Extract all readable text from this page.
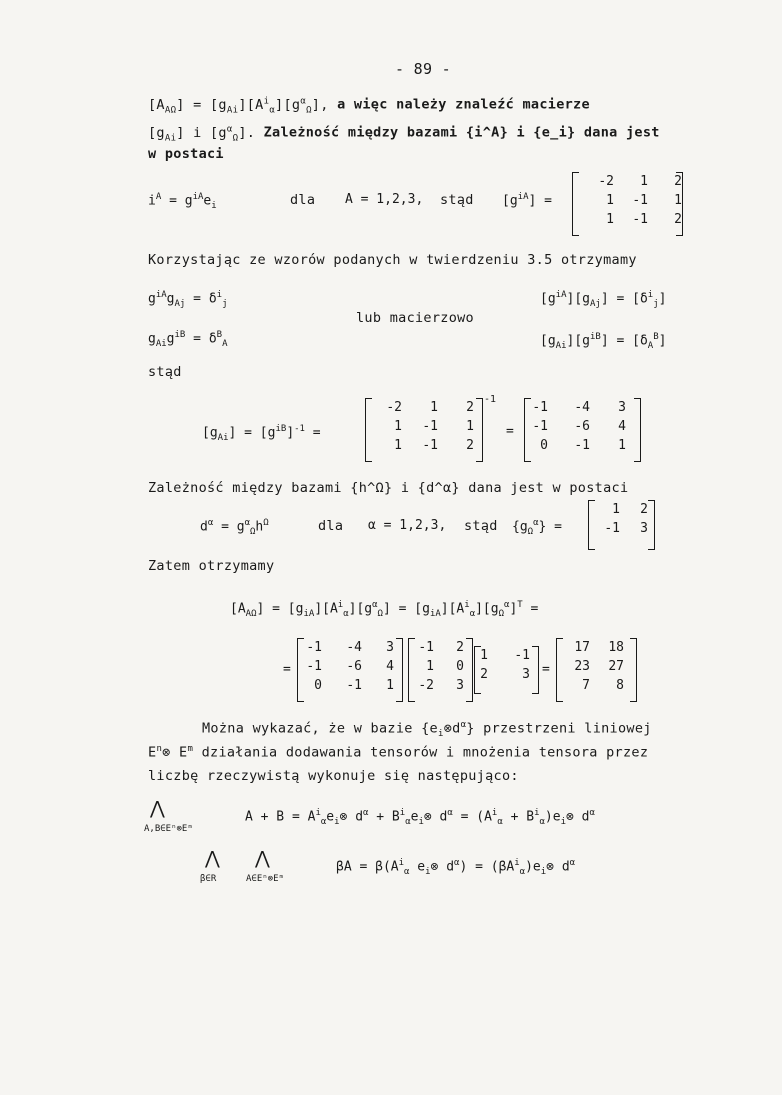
- 89 -
$[A_{A\Omega}] = [g_{Ai}][A^i_\alpha][g^\alpha_\Omega]$, a więc należy znaleźć macierze
$[g_{Ai}]$ i $[g^\alpha_\Omega]$. Zależność między bazami {i^A} i {e_i} dana jest
w postaci
$i^A = g^{iA}e_i$	dla A = 1,2,3, stąd $[g^{iA}]$ =
-2	1	2
1	-1	1
1	-1	2
Korzystając ze wzorów podanych w twierdzeniu 3.5 otrzymamy
$g^{iA}g_{Aj} = \delta^i_j$
$g_{Ai}g^{iB} = \delta^B_A$
lub macierzowo
$[g^{iA}][g_{Aj}] = [\delta^i_j]$
$[g_{Ai}][g^{iB}] = [\delta_A^B]$
stąd
$[g_{Ai}] = [g^{iB}]^{-1}$ =
-2	1	2
1	-1	1
1	-1	2
-1
=
-1	-4	3
-1	-6	4
0	-1	1
Zależność między bazami {h^Ω} i {d^α} dana jest w postaci
$d^\alpha = g^\alpha_\Omega h^\Omega$	dla α = 1,2,3, stąd $\{g_\Omega^\alpha\}$ =
1	2
-1	3
Zatem otrzymamy
$[A_{A\Omega}] = [g_{iA}][A^i_\alpha][g^\alpha_\Omega] = [g_{iA}][A^i_\alpha][g_\Omega^\alpha]^T$ =
=
-1	-4	3
-1	-6	4
0	-1	1
-1	2
1	0
-2	3
1	-1
2	3 =
17	18
23	27
7	8
Można wykazać, że w bazie $\{e_i\otimes d^\alpha\}$ przestrzeni liniowej
$E^n\otimes$ $E^m$ działania dodawania tensorów i mnożenia tensora przez
liczbę rzeczywistą wykonuje się następująco:
⋀
A,B∈Eⁿ⊗Eᵐ
$A + B = A^i_\alpha e_i\otimes$ $d^\alpha$ + $B^i_\alpha e_i\otimes$ $d^\alpha = (A^i_\alpha$ + $B^i_\alpha)e_i\otimes$ $d^\alpha$
⋀
β∈R
⋀
A∈Eⁿ⊗Eᵐ
$\beta A = \beta(A^i_\alpha$ $e_i\otimes$ $d^\alpha$) = $(\beta A^i_\alpha)e_i\otimes$ $d^\alpha$
